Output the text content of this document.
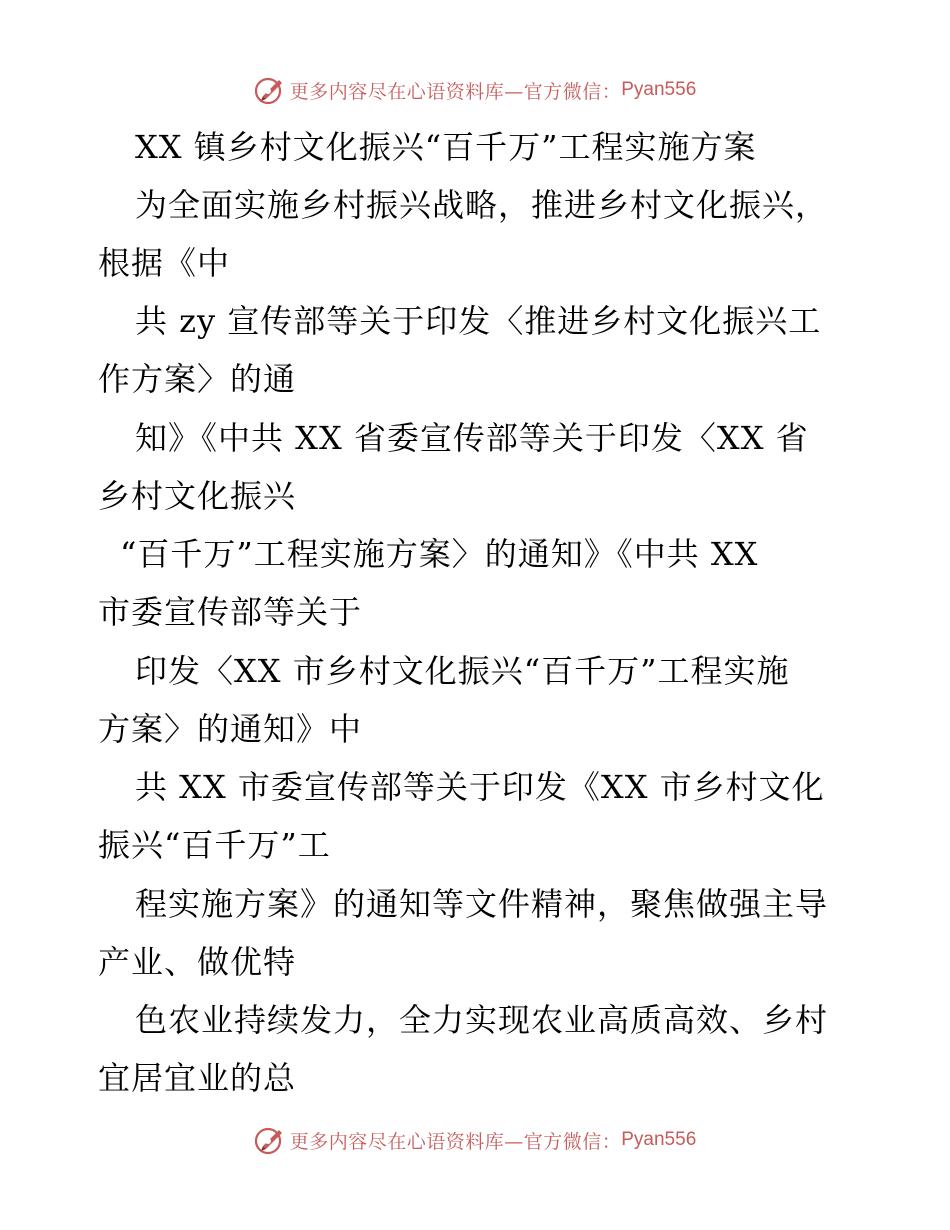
更多内容尽在心语资料库—官方微信： Pyan556
XX 镇乡村文化振兴“百千万”工程实施方案
为全面实施乡村振兴战略，推进乡村文化振兴，
根据《中
共 zy 宣传部等关于印发〈推进乡村文化振兴工
作方案〉的通
知》《中共 XX 省委宣传部等关于印发〈XX 省
乡村文化振兴
“百千万”工程实施方案〉的通知》《中共 XX
市委宣传部等关于
印发〈XX 市乡村文化振兴“百千万”工程实施
方案〉的通知》中
共 XX 市委宣传部等关于印发《XX 市乡村文化
振兴“百千万”工
程实施方案》的通知等文件精神，聚焦做强主导
产业、做优特
色农业持续发力，全力实现农业高质高效、乡村
宜居宜业的总
更多内容尽在心语资料库—官方微信： Pyan556
